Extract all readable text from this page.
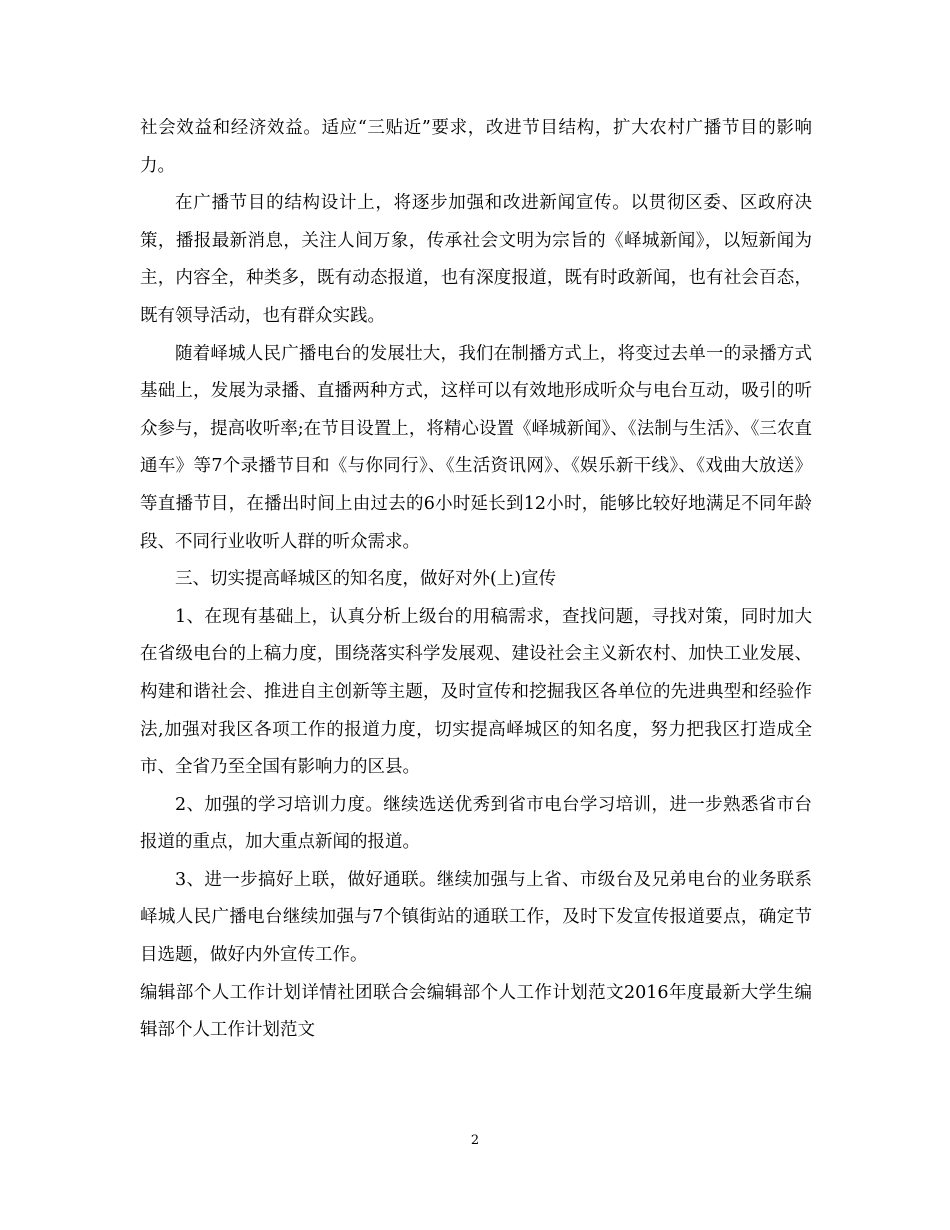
社会效益和经济效益。适应“三贴近”要求，改进节目结构，扩大农村广播节目的影响力。

在广播节目的结构设计上，将逐步加强和改进新闻宣传。以贯彻区委、区政府决策，播报最新消息，关注人间万象，传承社会文明为宗旨的《峄城新闻》，以短新闻为主，内容全，种类多，既有动态报道，也有深度报道，既有时政新闻，也有社会百态，既有领导活动，也有群众实践。

随着峄城人民广播电台的发展壮大，我们在制播方式上，将变过去单一的录播方式基础上，发展为录播、直播两种方式，这样可以有效地形成听众与电台互动，吸引的听众参与，提高收听率;在节目设置上，将精心设置《峄城新闻》、《法制与生活》、《三农直通车》等7个录播节目和《与你同行》、《生活资讯网》、《娱乐新干线》、《戏曲大放送》等直播节目，在播出时间上由过去的6小时延长到12小时，能够比较好地满足不同年龄段、不同行业收听人群的听众需求。

三、切实提高峄城区的知名度，做好对外(上)宣传

1、在现有基础上，认真分析上级台的用稿需求，查找问题，寻找对策，同时加大在省级电台的上稿力度，围绕落实科学发展观、建设社会主义新农村、加快工业发展、构建和谐社会、推进自主创新等主题，及时宣传和挖掘我区各单位的先进典型和经验作法,加强对我区各项工作的报道力度，切实提高峄城区的知名度，努力把我区打造成全市、全省乃至全国有影响力的区县。

2、加强的学习培训力度。继续选送优秀到省市电台学习培训，进一步熟悉省市台报道的重点，加大重点新闻的报道。

3、进一步搞好上联，做好通联。继续加强与上省、市级台及兄弟电台的业务联系峄城人民广播电台继续加强与7个镇街站的通联工作，及时下发宣传报道要点，确定节目选题，做好内外宣传工作。

编辑部个人工作计划详情社团联合会编辑部个人工作计划范文2016年度最新大学生编辑部个人工作计划范文

2
